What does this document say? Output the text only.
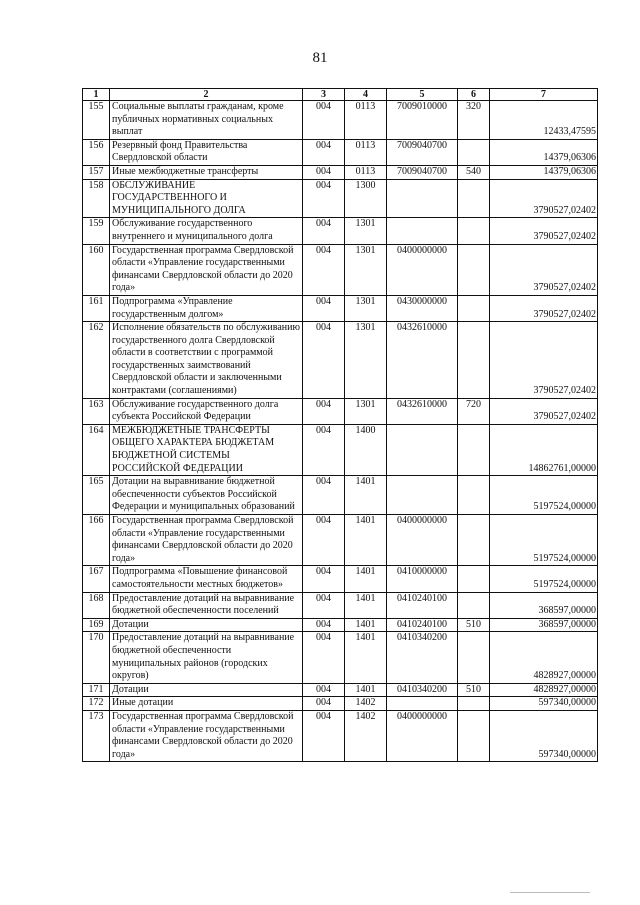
81
1	2	3	4	5	6	7
155	Социальные выплаты гражданам, кроме публичных нормативных социальных выплат	004	0113	7009010000	320	12433,47595
156	Резервный фонд Правительства Свердловской области	004	0113	7009040700		14379,06306
157	Иные межбюджетные трансферты	004	0113	7009040700	540	14379,06306
158	ОБСЛУЖИВАНИЕ ГОСУДАРСТВЕННОГО И МУНИЦИПАЛЬНОГО ДОЛГА	004	1300			3790527,02402
159	Обслуживание государственного внутреннего и муниципального долга	004	1301			3790527,02402
160	Государственная программа Свердловской области «Управление государственными финансами Свердловской области до 2020 года»	004	1301	0400000000		3790527,02402
161	Подпрограмма «Управление государственным долгом»	004	1301	0430000000		3790527,02402
162	Исполнение обязательств по обслуживанию государственного долга Свердловской области в соответствии с программой государственных заимствований Свердловской области и заключенными контрактами (соглашениями)	004	1301	0432610000		3790527,02402
163	Обслуживание государственного долга субъекта Российской Федерации	004	1301	0432610000	720	3790527,02402
164	МЕЖБЮДЖЕТНЫЕ ТРАНСФЕРТЫ ОБЩЕГО ХАРАКТЕРА БЮДЖЕТАМ БЮДЖЕТНОЙ СИСТЕМЫ РОССИЙСКОЙ ФЕДЕРАЦИИ	004	1400			14862761,00000
165	Дотации на выравнивание бюджетной обеспеченности субъектов Российской Федерации и муниципальных образований	004	1401			5197524,00000
166	Государственная программа Свердловской области «Управление государственными финансами Свердловской области до 2020 года»	004	1401	0400000000		5197524,00000
167	Подпрограмма «Повышение финансовой самостоятельности местных бюджетов»	004	1401	0410000000		5197524,00000
168	Предоставление дотаций на выравнивание бюджетной обеспеченности поселений	004	1401	0410240100		368597,00000
169	Дотации	004	1401	0410240100	510	368597,00000
170	Предоставление дотаций на выравнивание бюджетной обеспеченности муниципальных районов (городских округов)	004	1401	0410340200		4828927,00000
171	Дотации	004	1401	0410340200	510	4828927,00000
172	Иные дотации	004	1402			597340,00000
173	Государственная программа Свердловской области «Управление государственными финансами Свердловской области до 2020 года»	004	1402	0400000000		597340,00000
